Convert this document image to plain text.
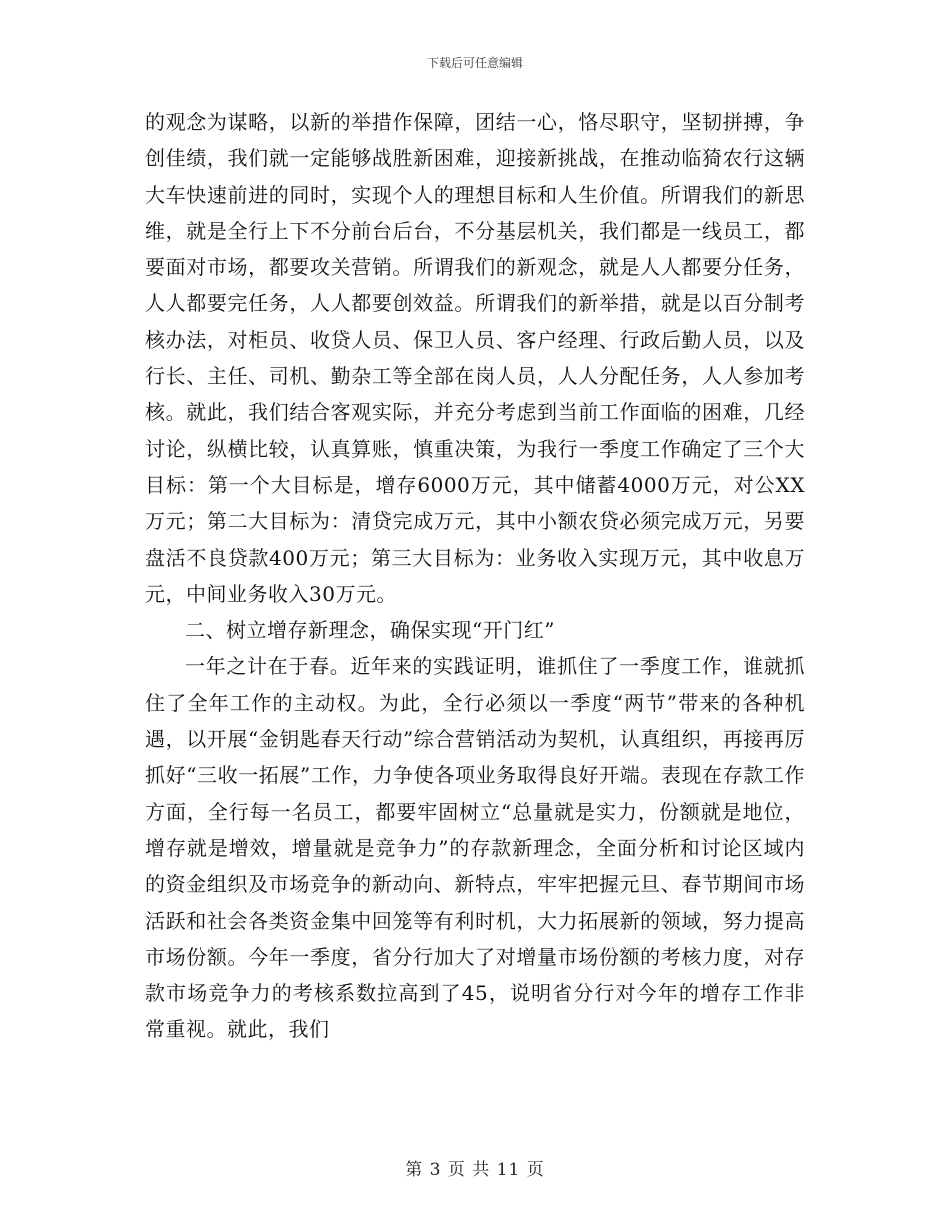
下载后可任意编辑

的观念为谋略，以新的举措作保障，团结一心，恪尽职守，坚韧拼搏，争创佳绩，我们就一定能够战胜新困难，迎接新挑战，在推动临猗农行这辆大车快速前进的同时，实现个人的理想目标和人生价值。所谓我们的新思维，就是全行上下不分前台后台，不分基层机关，我们都是一线员工，都要面对市场，都要攻关营销。所谓我们的新观念，就是人人都要分任务，人人都要完任务，人人都要创效益。所谓我们的新举措，就是以百分制考核办法，对柜员、收贷人员、保卫人员、客户经理、行政后勤人员，以及行长、主任、司机、勤杂工等全部在岗人员，人人分配任务，人人参加考核。就此，我们结合客观实际，并充分考虑到当前工作面临的困难，几经讨论，纵横比较，认真算账，慎重决策，为我行一季度工作确定了三个大目标：第一个大目标是，增存6000万元，其中储蓄4000万元，对公XX万元；第二大目标为：清贷完成万元，其中小额农贷必须完成万元，另要盘活不良贷款400万元；第三大目标为：业务收入实现万元，其中收息万元，中间业务收入30万元。

二、树立增存新理念，确保实现“开门红”

一年之计在于春。近年来的实践证明，谁抓住了一季度工作，谁就抓住了全年工作的主动权。为此，全行必须以一季度“两节”带来的各种机遇，以开展“金钥匙春天行动”综合营销活动为契机，认真组织，再接再厉抓好“三收一拓展”工作，力争使各项业务取得良好开端。表现在存款工作方面，全行每一名员工，都要牢固树立“总量就是实力，份额就是地位，增存就是增效，增量就是竞争力”的存款新理念，全面分析和讨论区域内的资金组织及市场竞争的新动向、新特点，牢牢把握元旦、春节期间市场活跃和社会各类资金集中回笼等有利时机，大力拓展新的领域，努力提高市场份额。今年一季度，省分行加大了对增量市场份额的考核力度，对存款市场竞争力的考核系数拉高到了45，说明省分行对今年的增存工作非常重视。就此，我们

第 3 页 共 11 页
